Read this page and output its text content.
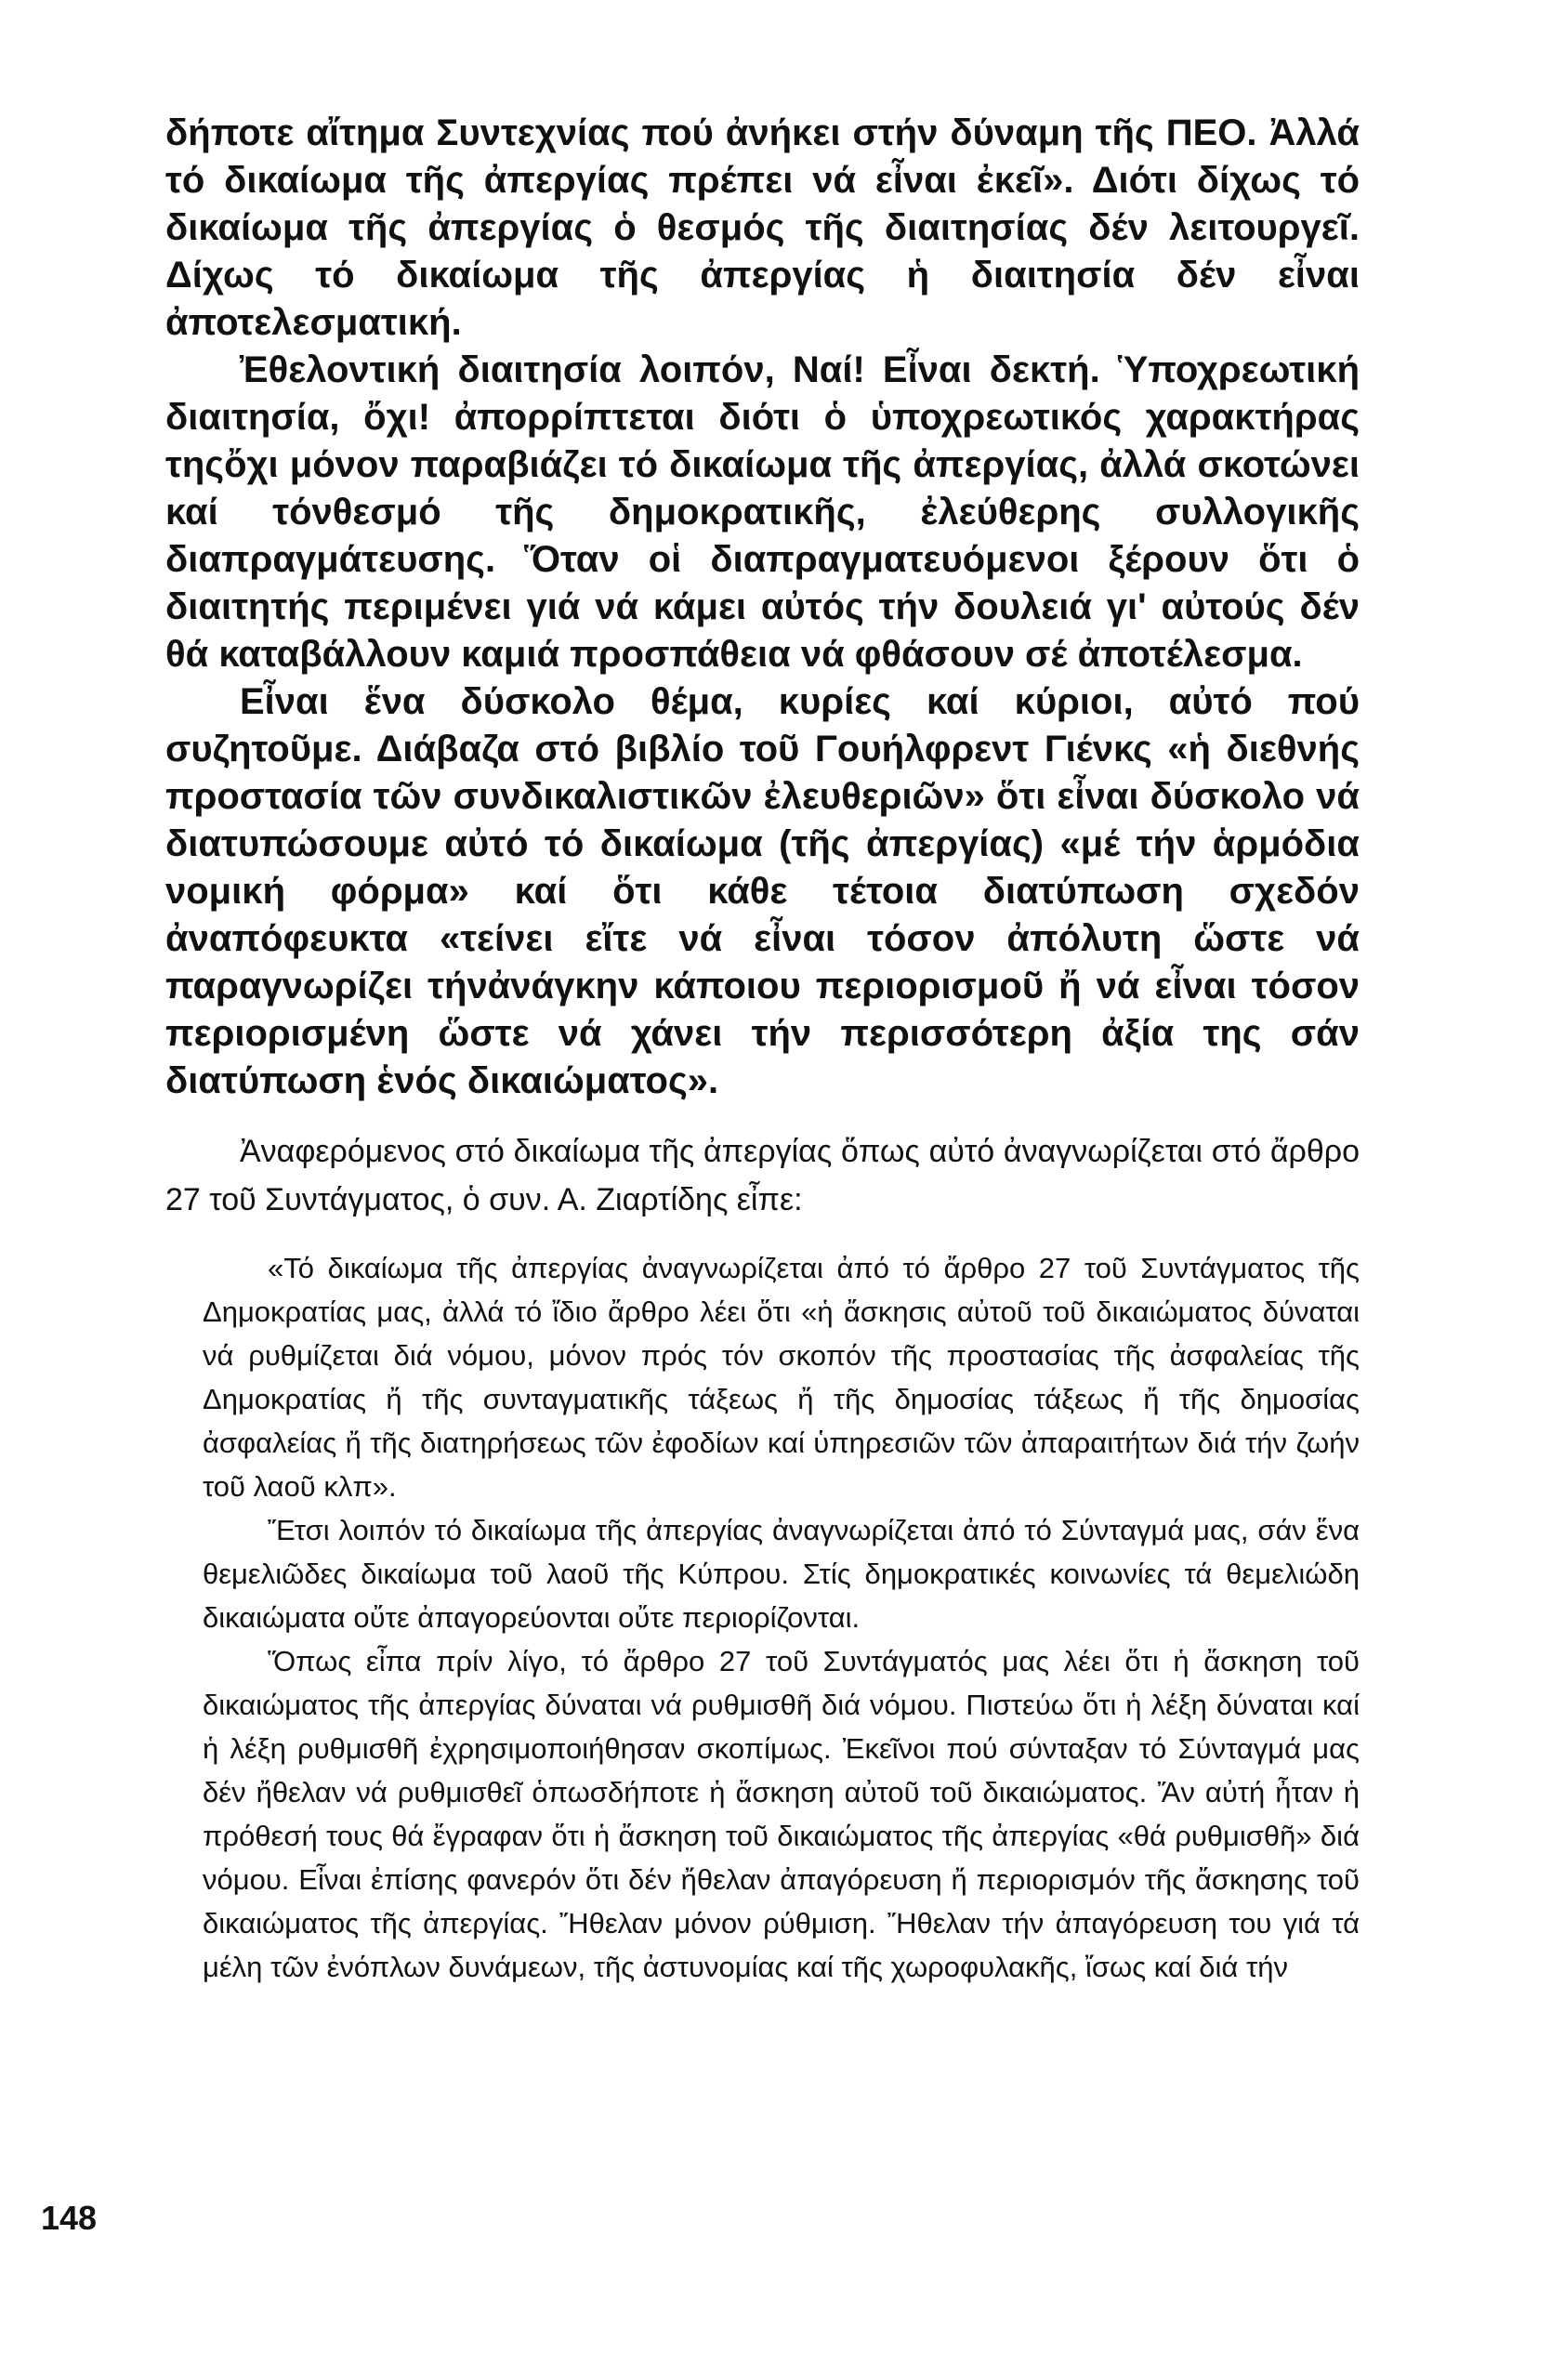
δήποτε αἴτημα Συντεχνίας πού ἀνήκει στήν δύναμη τῆς ΠΕΟ. Ἀλλά τό δικαίωμα τῆς ἀπεργίας πρέπει νά εἶναι ἐκεῖ». Διότι δίχως τό δικαίωμα τῆς ἀπεργίας ὁ θεσμός τῆς διαιτησίας δέν λειτουργεῖ. Δίχως τό δικαίωμα τῆς ἀπεργίας ἡ διαιτησία δέν εἶναι ἀποτελεσματική.

Ἐθελοντική διαιτησία λοιπόν, Ναί! Εἶναι δεκτή. Ὑποχρεωτική διαιτησία, ὄχι! ἀπορρίπτεται διότι ὁ ὑποχρεωτικός χαρακτήρας τηςὄχι μόνον παραβιάζει τό δικαίωμα τῆς ἀπεργίας, ἀλλά σκοτώνει καί τόνθεσμό τῆς δημοκρατικῆς, ἐλεύθερης συλλογικῆς διαπραγμάτευσης. Ὅταν οἱ διαπραγματευόμενοι ξέρουν ὅτι ὁ διαιτητής περιμένει γιά νά κάμει αὐτός τήν δουλειά γι' αὐτούς δέν θά καταβάλλουν καμιά προσπάθεια νά φθάσουν σέ ἀποτέλεσμα.

Εἶναι ἕνα δύσκολο θέμα, κυρίες καί κύριοι, αὐτό πού συζητοῦμε. Διάβαζα στό βιβλίο τοῦ Γουήλφρεντ Γιένκς «ἡ διεθνής προστασία τῶν συνδικαλιστικῶν ἐλευθεριῶν» ὅτι εἶναι δύσκολο νά διατυπώσουμε αὐτό τό δικαίωμα (τῆς ἀπεργίας) «μέ τήν ἁρμόδια νομική φόρμα» καί ὅτι κάθε τέτοια διατύπωση σχεδόν ἀναπόφευκτα «τείνει εἴτε νά εἶναι τόσον ἀπόλυτη ὥστε νά παραγνωρίζει τήνἀνάγκην κάποιου περιορισμοῦ ἤ νά εἶναι τόσον περιορισμένη ὥστε νά χάνει τήν περισσότερη ἀξία της σάν διατύπωση ἑνός δικαιώματος».

Ἀναφερόμενος στό δικαίωμα τῆς ἀπεργίας ὅπως αὐτό ἀναγνωρίζεται στό ἄρθρο 27 τοῦ Συντάγματος, ὁ συν. Α. Ζιαρτίδης εἶπε:

«Τό δικαίωμα τῆς ἀπεργίας ἀναγνωρίζεται ἀπό τό ἄρθρο 27 τοῦ Συντάγματος τῆς Δημοκρατίας μας, ἀλλά τό ἴδιο ἄρθρο λέει ὅτι «ἡ ἄσκησις αὐτοῦ τοῦ δικαιώματος δύναται νά ρυθμίζεται διά νόμου, μόνον πρός τόν σκοπόν τῆς προστασίας τῆς ἀσφαλείας τῆς Δημοκρατίας ἤ τῆς συνταγματικῆς τάξεως ἤ τῆς δημοσίας τάξεως ἤ τῆς δημοσίας ἀσφαλείας ἤ τῆς διατηρήσεως τῶν ἐφοδίων καί ὑπηρεσιῶν τῶν ἀπαραιτήτων διά τήν ζωήν τοῦ λαοῦ κλπ».

Ἔτσι λοιπόν τό δικαίωμα τῆς ἀπεργίας ἀναγνωρίζεται ἀπό τό Σύνταγμά μας, σάν ἕνα θεμελιῶδες δικαίωμα τοῦ λαοῦ τῆς Κύπρου. Στίς δημοκρατικές κοινωνίες τά θεμελιώδη δικαιώματα οὔτε ἀπαγορεύονται οὔτε περιορίζονται.

Ὅπως εἶπα πρίν λίγο, τό ἄρθρο 27 τοῦ Συντάγματός μας λέει ὅτι ἡ ἄσκηση τοῦ δικαιώματος τῆς ἀπεργίας δύναται νά ρυθμισθῆ διά νόμου. Πιστεύω ὅτι ἡ λέξη δύναται καί ἡ λέξη ρυθμισθῆ ἐχρησιμοποιήθησαν σκοπίμως. Ἐκεῖνοι πού σύνταξαν τό Σύνταγμά μας δέν ἤθελαν νά ρυθμισθεῖ ὁπωσδήποτε ἡ ἄσκηση αὐτοῦ τοῦ δικαιώματος. Ἄν αὐτή ἦταν ἡ πρόθεσή τους θά ἔγραφαν ὅτι ἡ ἄσκηση τοῦ δικαιώματος τῆς ἀπεργίας «θά ρυθμισθῆ» διά νόμου. Εἶναι ἐπίσης φανερόν ὅτι δέν ἤθελαν ἀπαγόρευση ἤ περιορισμόν τῆς ἄσκησης τοῦ δικαιώματος τῆς ἀπεργίας. Ἤθελαν μόνον ρύθμιση. Ἤθελαν τήν ἀπαγόρευση του γιά τά μέλη τῶν ἐνόπλων δυνάμεων, τῆς ἀστυνομίας καί τῆς χωροφυλακῆς, ἴσως καί διά τήν

148
